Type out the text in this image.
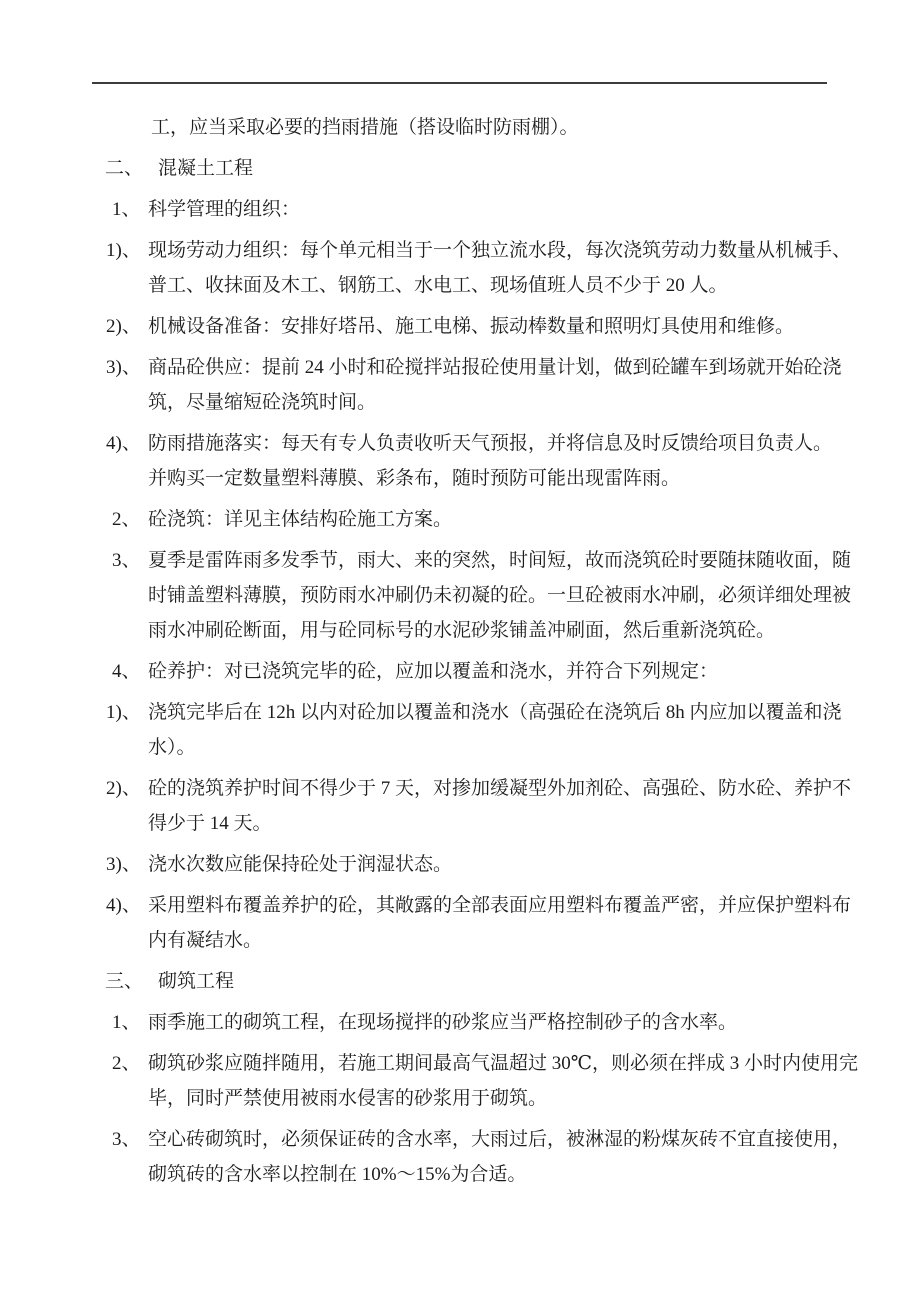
工，应当采取必要的挡雨措施（搭设临时防雨棚）。
二、 混凝土工程
1、 科学管理的组织：
1)、 现场劳动力组织：每个单元相当于一个独立流水段，每次浇筑劳动力数量从机械手、
普工、收抹面及木工、钢筋工、水电工、现场值班人员不少于 20 人。
2)、 机械设备准备：安排好塔吊、施工电梯、振动棒数量和照明灯具使用和维修。
3)、 商品砼供应：提前 24 小时和砼搅拌站报砼使用量计划，做到砼罐车到场就开始砼浇
筑，尽量缩短砼浇筑时间。
4)、 防雨措施落实：每天有专人负责收听天气预报，并将信息及时反馈给项目负责人。
并购买一定数量塑料薄膜、彩条布，随时预防可能出现雷阵雨。
2、 砼浇筑：详见主体结构砼施工方案。
3、 夏季是雷阵雨多发季节，雨大、来的突然，时间短，故而浇筑砼时要随抹随收面，随
时铺盖塑料薄膜，预防雨水冲刷仍未初凝的砼。一旦砼被雨水冲刷，必须详细处理被
雨水冲刷砼断面，用与砼同标号的水泥砂浆铺盖冲刷面，然后重新浇筑砼。
4、 砼养护：对已浇筑完毕的砼，应加以覆盖和浇水，并符合下列规定：
1)、 浇筑完毕后在 12h 以内对砼加以覆盖和浇水（高强砼在浇筑后 8h 内应加以覆盖和浇
水）。
2)、 砼的浇筑养护时间不得少于 7 天，对掺加缓凝型外加剂砼、高强砼、防水砼、养护不
得少于 14 天。
3)、 浇水次数应能保持砼处于润湿状态。
4)、 采用塑料布覆盖养护的砼，其敞露的全部表面应用塑料布覆盖严密，并应保护塑料布
内有凝结水。
三、 砌筑工程
1、 雨季施工的砌筑工程，在现场搅拌的砂浆应当严格控制砂子的含水率。
2、 砌筑砂浆应随拌随用，若施工期间最高气温超过 30℃，则必须在拌成 3 小时内使用完
毕，同时严禁使用被雨水侵害的砂浆用于砌筑。
3、 空心砖砌筑时，必须保证砖的含水率，大雨过后，被淋湿的粉煤灰砖不宜直接使用，
砌筑砖的含水率以控制在 10%～15%为合适。
